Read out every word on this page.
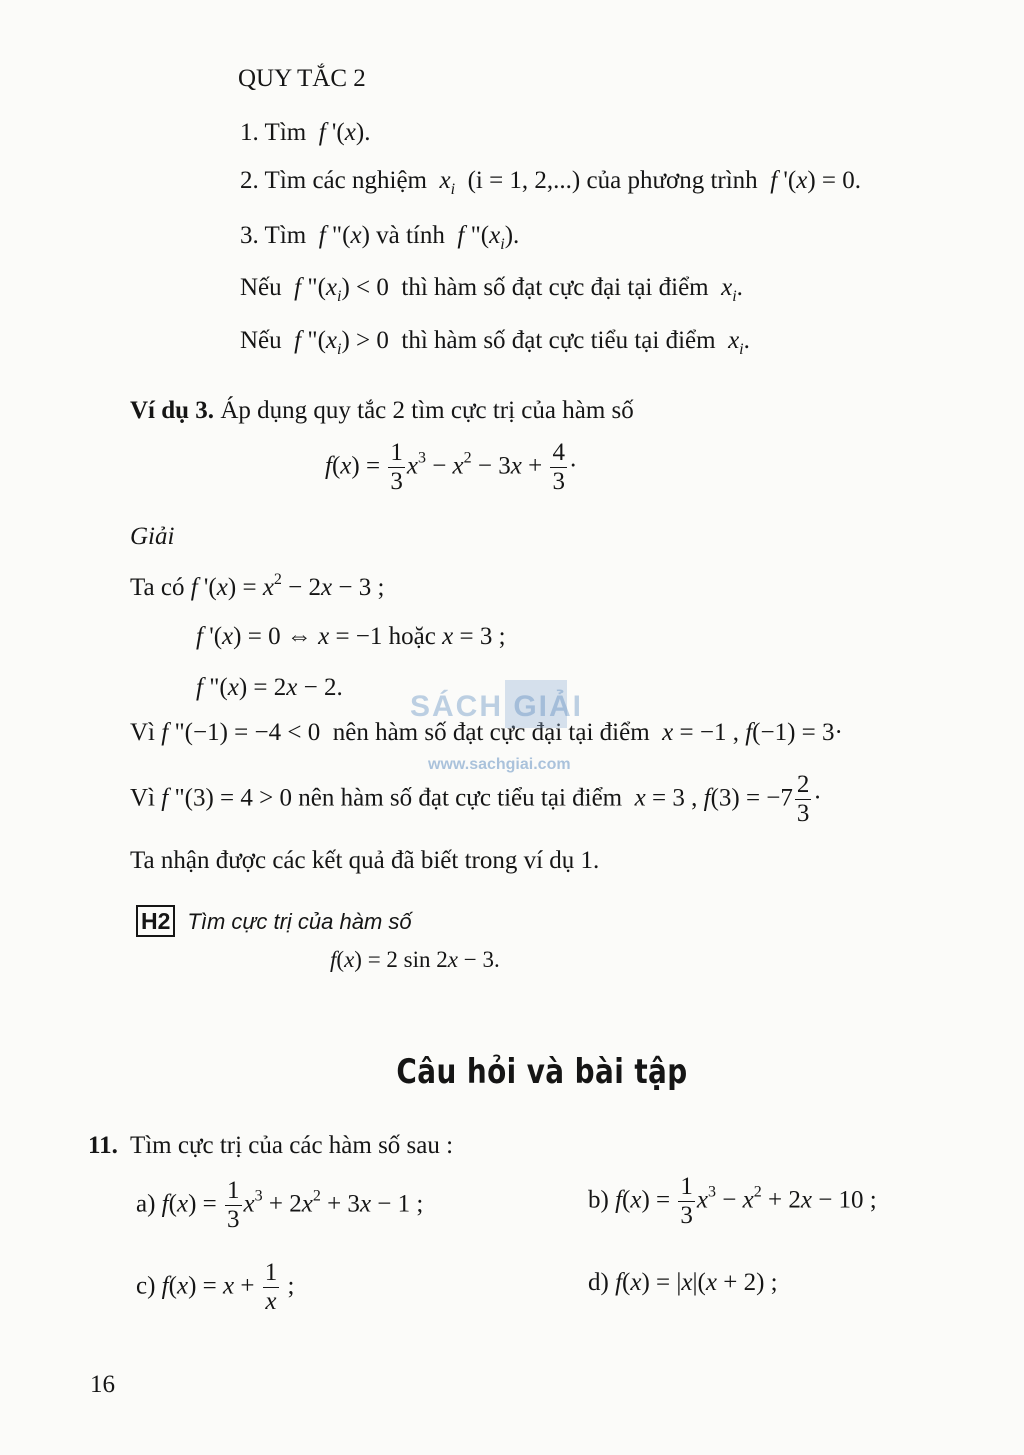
QUY TẮC 2
1. Tìm f '(x).
2. Tìm các nghiệm $x_i$ (i = 1, 2,...) của phương trình f '(x) = 0.
3. Tìm f "(x) và tính f "$(x_i)$.
Nếu f "$(x_i) < 0$  thì hàm số đạt cực đại tại điểm $x_i$.
Nếu f "$(x_i) > 0$  thì hàm số đạt cực tiểu tại điểm $x_i$.
Ví dụ 3. Áp dụng quy tắc 2 tìm cực trị của hàm số
$f(x) = \frac{1}{3} x^3 - x^2 - 3x + \frac{4}{3}$ ·
Giải
Ta có f '$(x) = x^2 - 2x - 3$ ;
f '(x) = 0 ⇔ x = −1 hoặc x = 3 ;
f "(x) = 2x − 2.
Vì f "(−1) = −4 < 0  nên hàm số đạt cực đại tại điểm x = −1 , f(−1) = 3·
Vì f "(3) = 4 > 0 nên hàm số đạt cực tiểu tại điểm x = 3 , $f(3) = -7 \frac{2}{3}$ ·
Ta nhận được các kết quả đã biết trong ví dụ 1.
H2 Tìm cực trị của hàm số
f(x) = 2 sin 2x − 3.
Câu hỏi và bài tập
11. Tìm cực trị của các hàm số sau :
a) $f(x) = \frac{1}{3} x^3 + 2x^2 + 3x - 1$ ;	b) $f(x) = \frac{1}{3} x^3 - x^2 + 2x - 10$ ;
c) $f(x) = x + \frac{1}{x}$ ;	d) f(x) = |x|(x + 2) ;
16
SÁCH GIẢI
www.sachgiai.com
